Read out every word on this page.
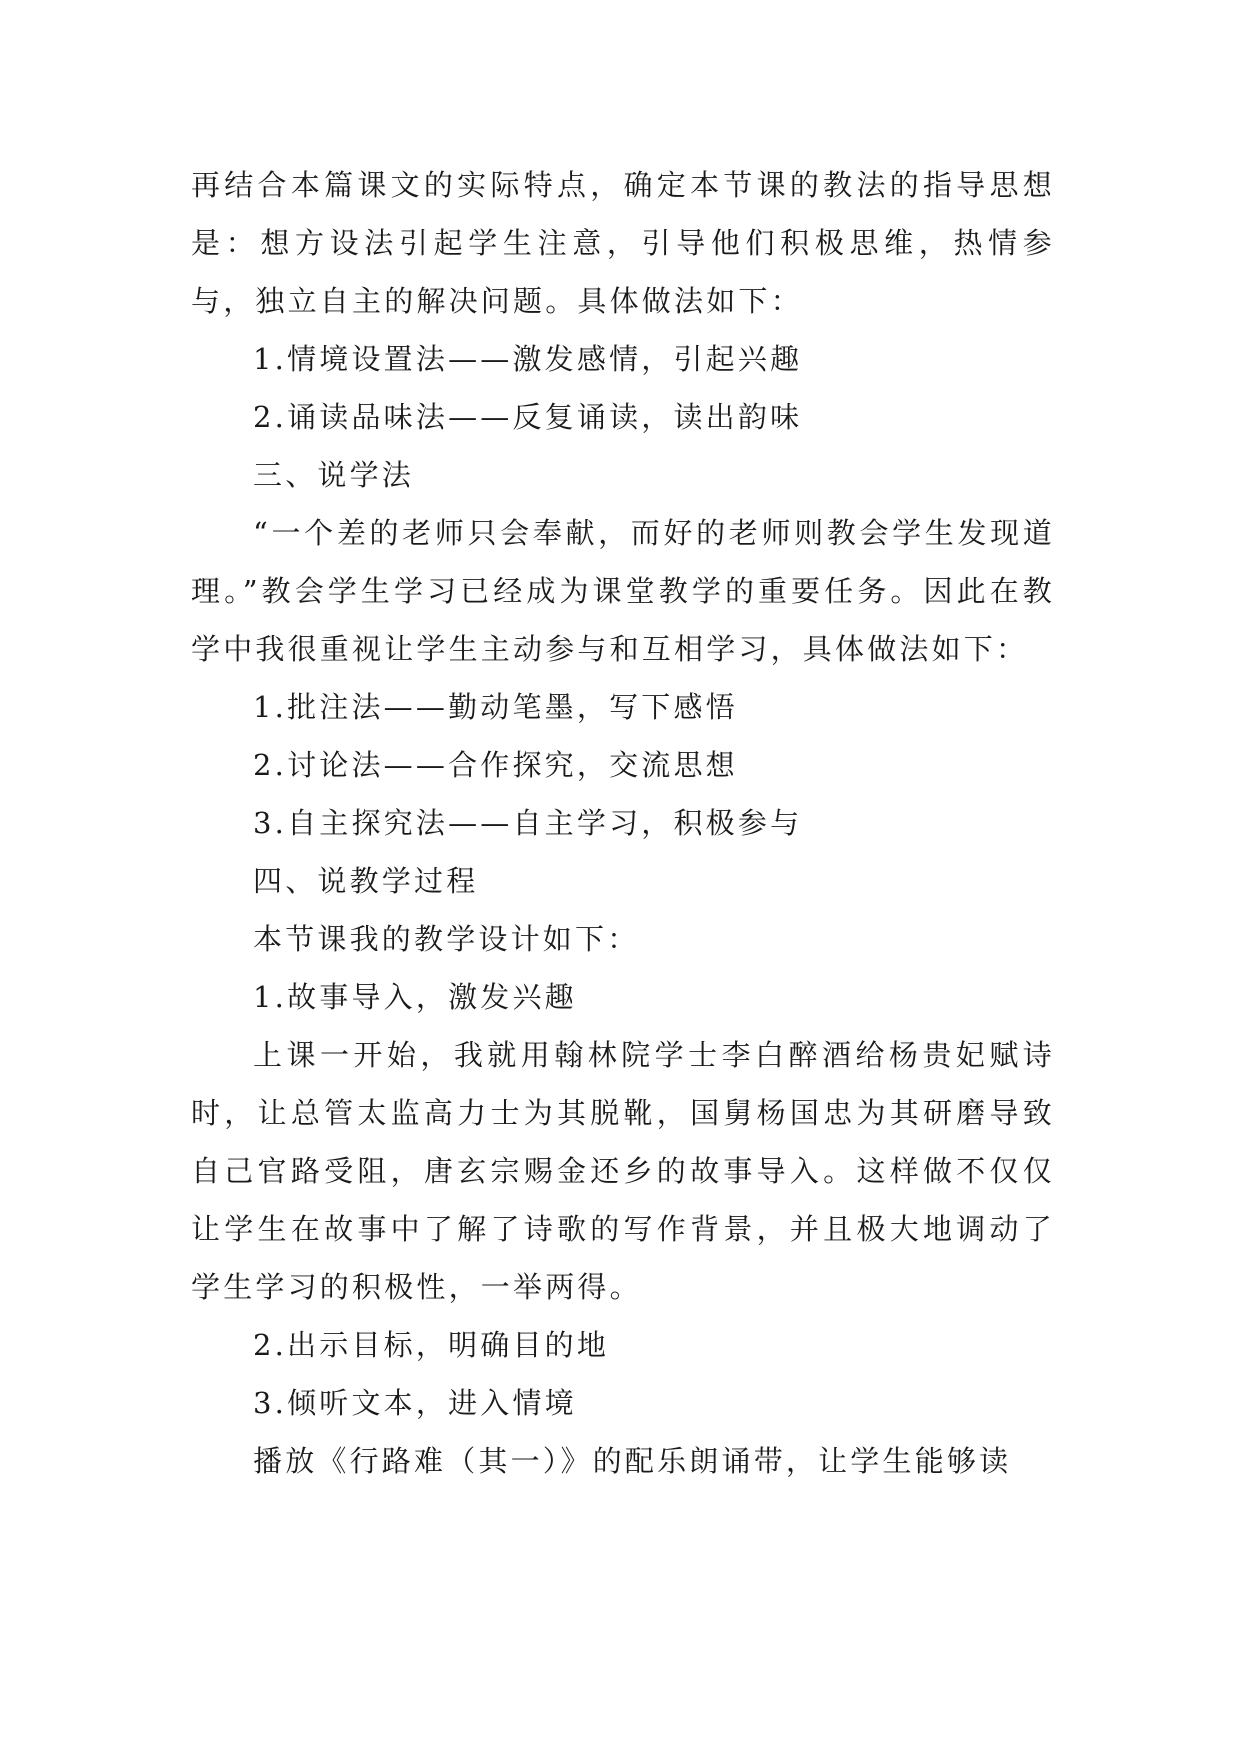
再结合本篇课文的实际特点，确定本节课的教法的指导思想是：想方设法引起学生注意，引导他们积极思维，热情参与，独立自主的解决问题。具体做法如下：

1.情境设置法——激发感情，引起兴趣

2.诵读品味法——反复诵读，读出韵味

三、说学法

“一个差的老师只会奉献，而好的老师则教会学生发现道理。”教会学生学习已经成为课堂教学的重要任务。因此在教学中我很重视让学生主动参与和互相学习，具体做法如下：

1.批注法——勤动笔墨，写下感悟

2.讨论法——合作探究，交流思想

3.自主探究法——自主学习，积极参与

四、说教学过程

本节课我的教学设计如下：

1.故事导入，激发兴趣

上课一开始，我就用翰林院学士李白醉酒给杨贵妃赋诗时，让总管太监高力士为其脱靴，国舅杨国忠为其研磨导致自己官路受阻，唐玄宗赐金还乡的故事导入。这样做不仅仅让学生在故事中了解了诗歌的写作背景，并且极大地调动了学生学习的积极性，一举两得。

2.出示目标，明确目的地

3.倾听文本，进入情境

播放《行路难（其一）》的配乐朗诵带，让学生能够读
